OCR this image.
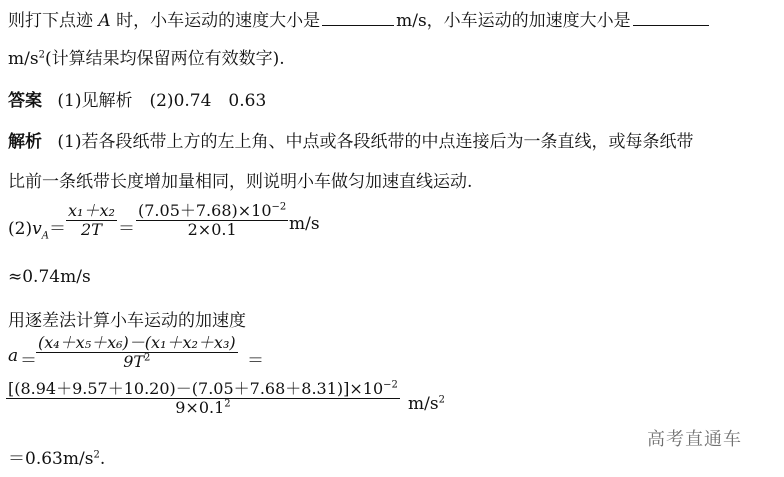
则打下点迹 A 时，小车运动的速度大小是	m/s，小车运动的加速度大小是
$m/s^2$(计算结果均保留两位有效数字).
答案 (1)见解析　(2)0.74　0.63
解析 (1)若各段纸带上方的左上角、中点或各段纸带的中点连接后为一条直线，或每条纸带
比前一条纸带长度增加量相同，则说明小车做匀加速直线运动.
$(2)v_A=$
x₁＋x₂
2T ＝
$(7.05+7.68)\times 10^{-2}$
2×0.1	m/s
≈0.74m/s
用逐差法计算小车运动的加速度
a ＝
(x₄＋x₅＋x₆)－(x₁＋x₂＋x₃)
$9T^2$	＝
$[(8.94+9.57+10.20)-(7.05+7.68+8.31)]\times 10^{-2}$
$9\times 0.1^2$	$m/s^2$
$=0.63m/s^2$.
高考直通车
